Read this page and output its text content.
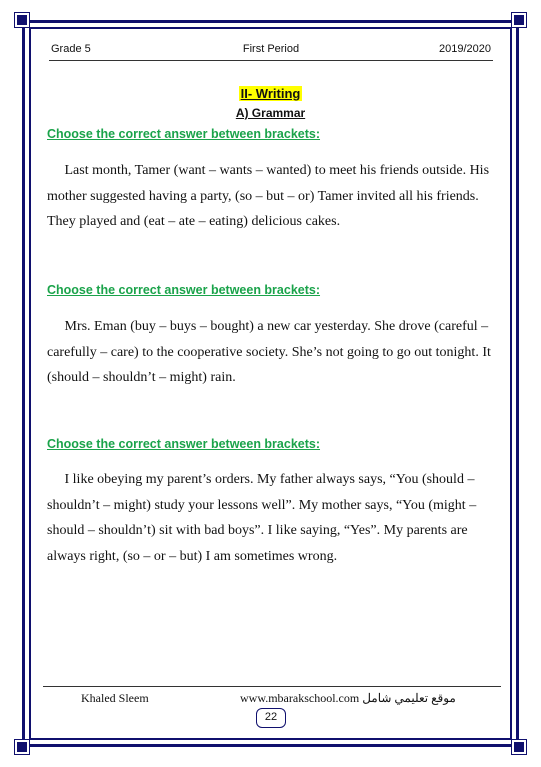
Grade 5	First Period	2019/2020
II- Writing
A) Grammar
Choose the correct answer between brackets:
Last month, Tamer (want – wants – wanted) to meet his friends outside. His mother suggested having a party, (so – but – or) Tamer invited all his friends. They played and (eat – ate – eating) delicious cakes.
Choose the correct answer between brackets:
Mrs. Eman (buy – buys – bought) a new car yesterday. She drove (careful – carefully – care) to the cooperative society. She’s not going to go out tonight. It (should – shouldn’t – might) rain.
Choose the correct answer between brackets:
I like obeying my parent’s orders. My father always says, “You (should – shouldn’t – might) study your lessons well”. My mother says, “You (might – should – shouldn’t) sit with bad boys”. I like saying, “Yes”. My parents are always right, (so – or – but) I am sometimes wrong.
Khaled Sleem	www.mbarakschool.com موقع تعليمي شامل
22
